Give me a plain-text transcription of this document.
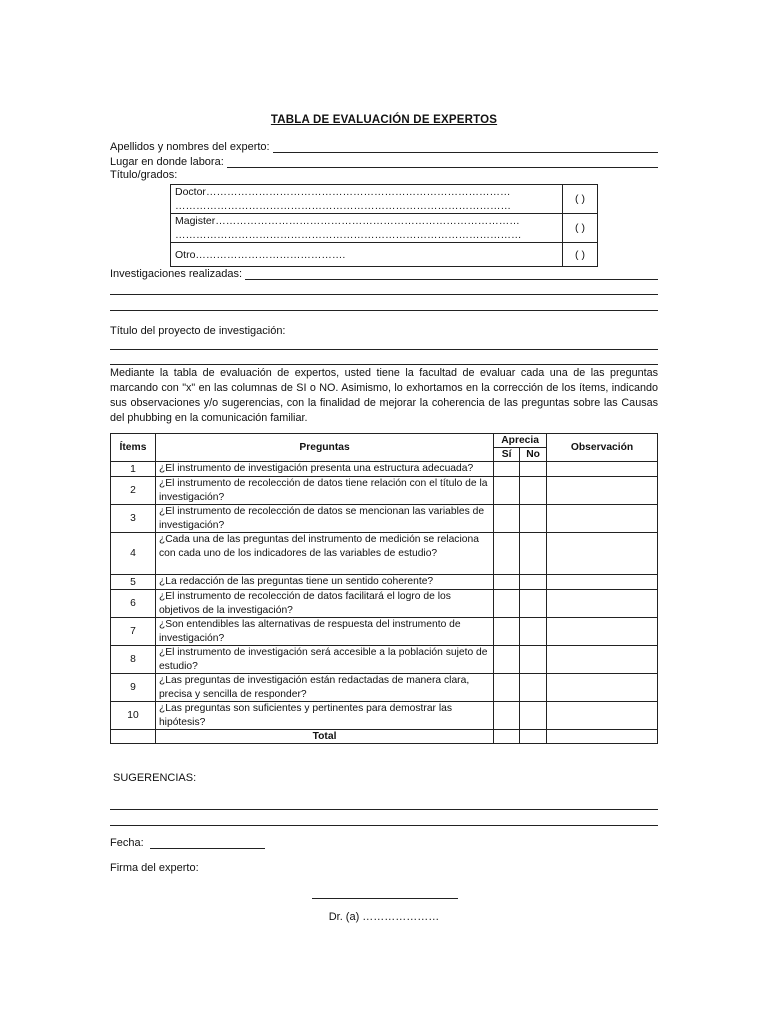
TABLA DE EVALUACIÓN DE EXPERTOS
Apellidos y nombres del experto:
Lugar en donde labora:
Título/grados:
Doctor……………………………………………………………………………
……………………………………………………………………………………	( )
Magister……………………………………………………………………………
………………………………………………………………………………………	( )
Otro…………………………………….	( )
Investigaciones realizadas:
Título del proyecto de investigación:
Mediante la tabla de evaluación de expertos, usted tiene la facultad de evaluar cada una de las preguntas marcando con "x" en las columnas de SI o NO. Asimismo, lo exhortamos en la corrección de los ítems, indicando sus observaciones y/o sugerencias, con la finalidad de mejorar la coherencia de las preguntas sobre las Causas del phubbing en la comunicación familiar.
Ítems	Preguntas	Aprecia		Observación
		Sí	No	
1	¿El instrumento de investigación presenta una estructura adecuada?			
2	¿El instrumento de recolección de datos tiene relación con el título de la investigación?			
3	¿El instrumento de recolección de datos se mencionan las variables de investigación?			
4	¿Cada una de las preguntas del instrumento de medición se relaciona con cada uno de los indicadores de las variables de estudio?			
5	¿La redacción de las preguntas tiene un sentido coherente?			
6	¿El instrumento de recolección de datos facilitará el logro de los objetivos de la investigación?			
7	¿Son entendibles las alternativas de respuesta del instrumento de investigación?			
8	¿El instrumento de investigación será accesible a la población sujeto de estudio?			
9	¿Las preguntas de investigación están redactadas de manera clara, precisa y sencilla de responder?			
10	¿Las preguntas son suficientes y pertinentes para demostrar las hipótesis?			
	Total			
SUGERENCIAS:
Fecha:
Firma del experto:
Dr. (a) …………………
